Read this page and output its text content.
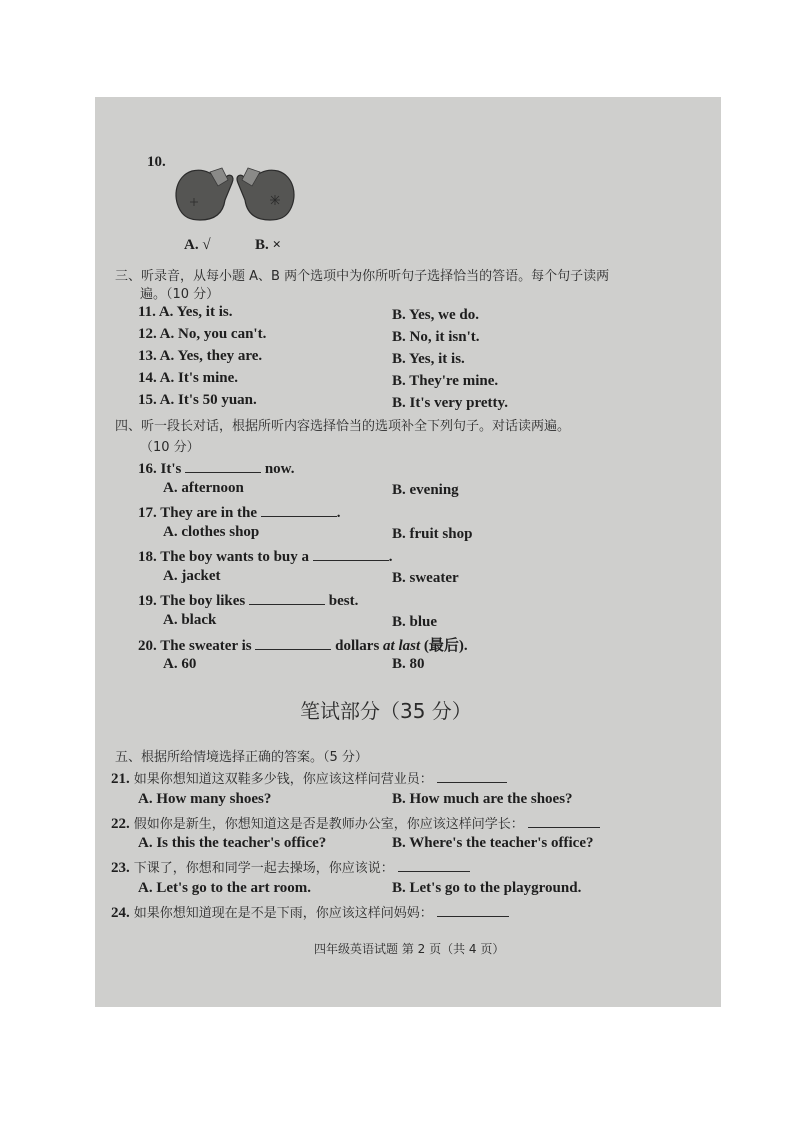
10.
A. √	B. ×
三、听录音，从每小题 A、B 两个选项中为你所听句子选择恰当的答语。每个句子读两
遍。（10 分）
11. A. Yes, it is.	B. Yes, we do.
12. A. No, you can't.	B. No, it isn't.
13. A. Yes, they are.	B. Yes, it is.
14. A. It's mine.	B. They're mine.
15. A. It's 50 yuan.	B. It's very pretty.
四、听一段长对话，根据所听内容选择恰当的选项补全下列句子。对话读两遍。
（10 分）
16. It's	now.
A. afternoon	B. evening
17. They are in the	.
A. clothes shop	B. fruit shop
18. The boy wants to buy a	.
A. jacket	B. sweater
19. The boy likes	best.
A. black	B. blue
20. The sweater is	dollars at last (最后).
A. 60	B. 80
笔试部分（35 分）
五、根据所给情境选择正确的答案。（5 分）
21. 如果你想知道这双鞋多少钱，你应该这样问营业员：
A. How many shoes?	B. How much are the shoes?
22. 假如你是新生，你想知道这是否是教师办公室，你应该这样问学长：
A. Is this the teacher's office?	B. Where's the teacher's office?
23. 下课了，你想和同学一起去操场，你应该说：
A. Let's go to the art room.	B. Let's go to the playground.
24. 如果你想知道现在是不是下雨，你应该这样问妈妈：
四年级英语试题 第 2 页（共 4 页）
